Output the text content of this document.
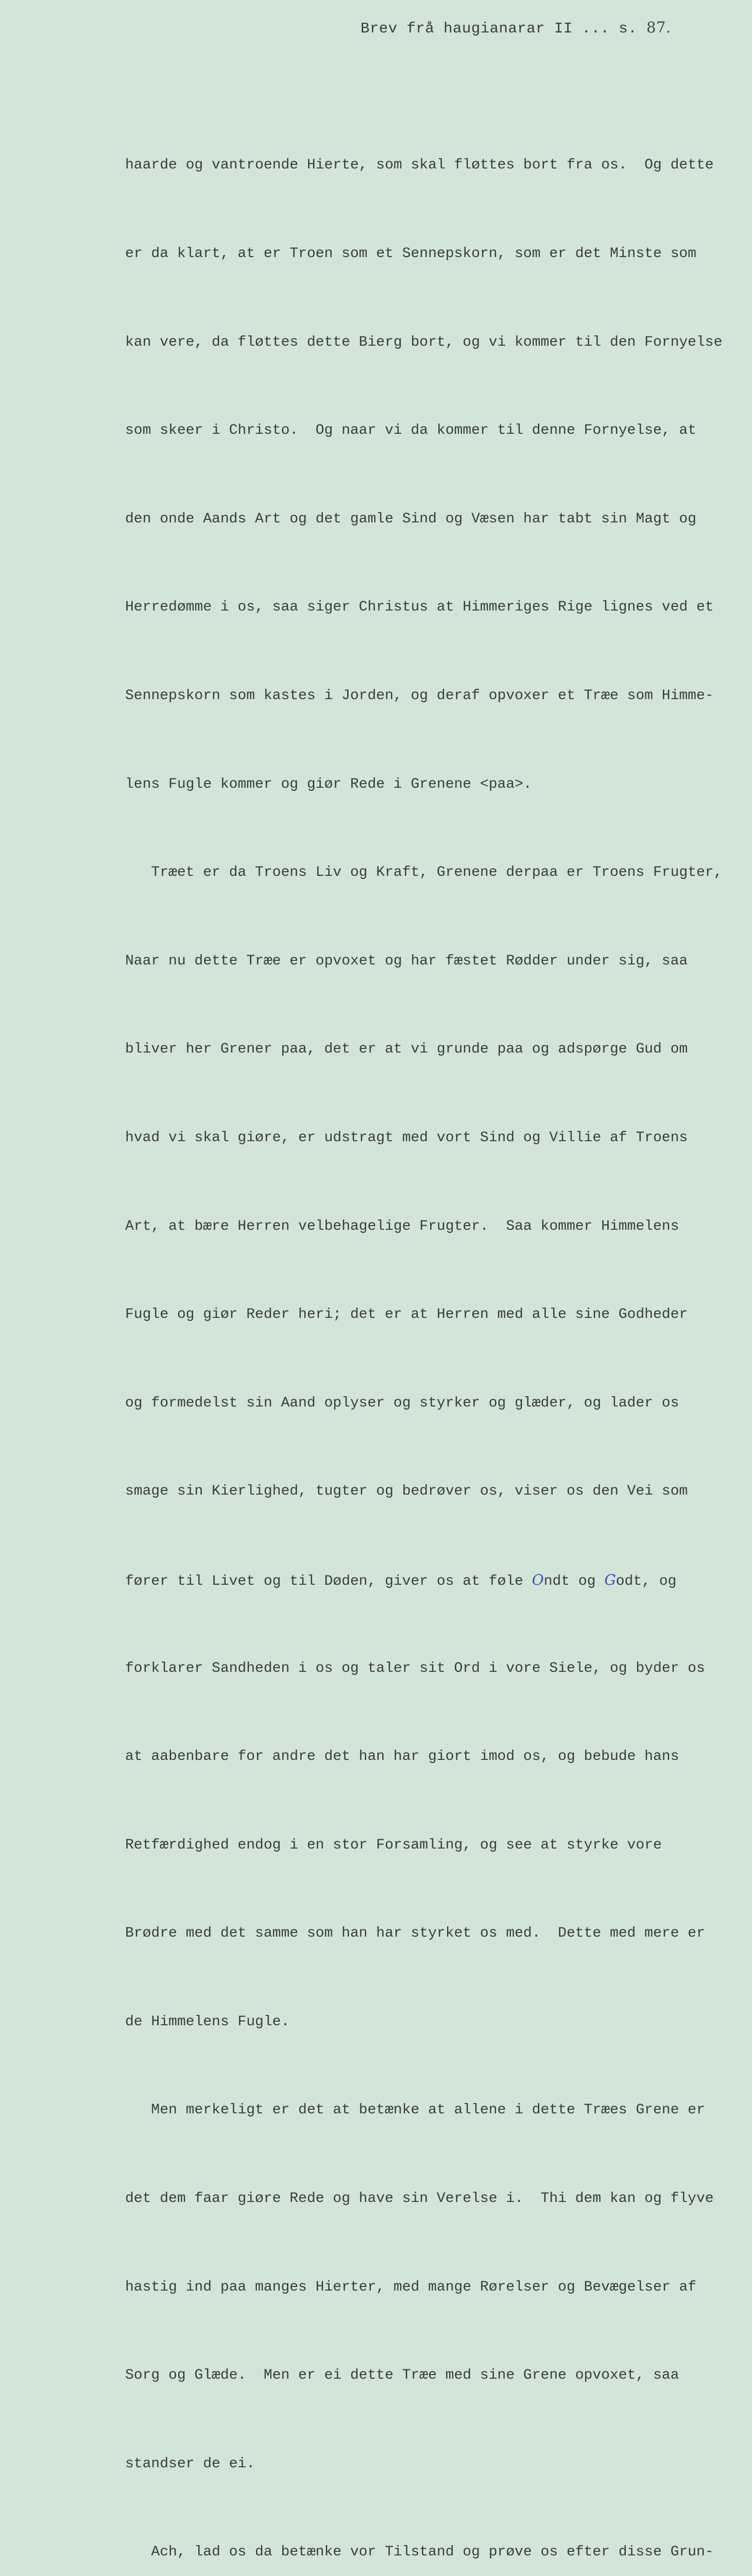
Brev frå haugianarar II ... s. 87.

haarde og vantroende Hierte, som skal fløttes bort fra os.  Og dette

er da klart, at er Troen som et Sennepskorn, som er det Minste som

kan vere, da fløttes dette Bierg bort, og vi kommer til den Fornyelse

som skeer i Christo.  Og naar vi da kommer til denne Fornyelse, at

den onde Aands Art og det gamle Sind og Væsen har tabt sin Magt og

Herredømme i os, saa siger Christus at Himmeriges Rige lignes ved et

Sennepskorn som kastes i Jorden, og deraf opvoxer et Træe som Himme-

lens Fugle kommer og giør Rede i Grenene <paa>.

Træet er da Troens Liv og Kraft, Grenene derpaa er Troens Frugter,

Naar nu dette Træe er opvoxet og har fæstet Rødder under sig, saa

bliver her Grener paa, det er at vi grunde paa og adspørge Gud om

hvad vi skal giøre, er udstragt med vort Sind og Villie af Troens

Art, at bære Herren velbehagelige Frugter.  Saa kommer Himmelens

Fugle og giør Reder heri; det er at Herren med alle sine Godheder

og formedelst sin Aand oplyser og styrker og glæder, og lader os

smage sin Kierlighed, tugter og bedrøver os, viser os den Vei som

fører til Livet og til Døden, giver os at føle Ondt og Godt, og

forklarer Sandheden i os og taler sit Ord i vore Siele, og byder os

at aabenbare for andre det han har giort imod os, og bebude hans

Retfærdighed endog i en stor Forsamling, og see at styrke vore

Brødre med det samme som han har styrket os med.  Dette med mere er

de Himmelens Fugle.

Men merkeligt er det at betænke at allene i dette Træes Grene er

det dem faar giøre Rede og have sin Verelse i.  Thi dem kan og flyve

hastig ind paa manges Hierter, med mange Rørelser og Bevægelser af

Sorg og Glæde.  Men er ei dette Træe med sine Grene opvoxet, saa

standser de ei.

Ach, lad os da betænke vor Tilstand og prøve os efter disse Grun-
